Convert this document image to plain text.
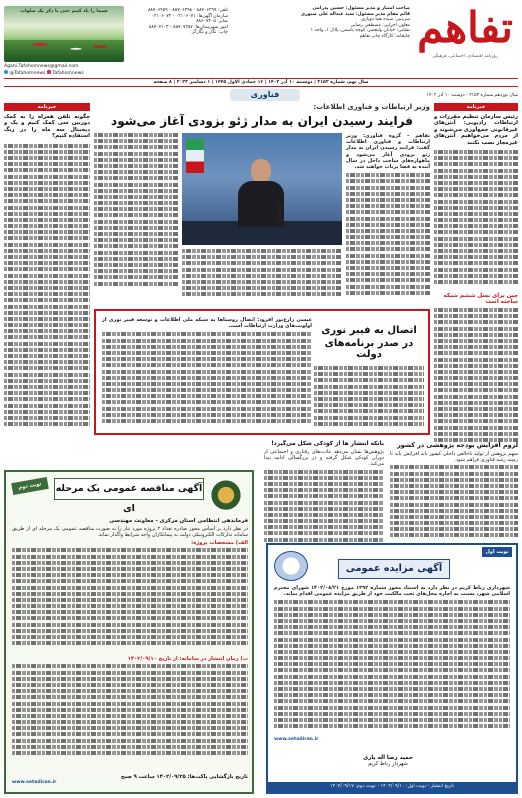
شیما را یاد کنیم حتی با ذکر یک صلوات
Agahi.Tafahomnews@gmail.com
@Tafahomnews Tafahomnews
تلفن: ۸۸۷۰۶۲۹۹ - ۸۸۷۰۶۲۹۸ - ۸۸۷۰۶۴۵۹
سازمان آگهی‌ها: ۰۲۱۰۶۰۷۱ - ۰۲۱۰۶۰۷۲
نمابر: ۸۸۶۰۷۴۰۵
امور شهرستان‌ها: ۸۸۷۰۷۲۵۷ - ۸۸۷۰۷۱۰۳
چاپ: نگار و نگارگر
صاحب امتیاز و مدیر مسئول: حسین پدرامی
قائم مقام مدیر مسئول: سید عبداله علی صبوری
سردبیر: سیده هما دوپاری
معاون اجرایی: مصطفی رضایی
نشانی: خیابان ولیعصر، کوچه یاسمن، پلاک ۱، واحد ۱
چاپخانه: کارگاه چاپ تفاهم تفاهم
روزنامه اقتصادی، اجتماعی، فرهنگی
سال نهم، شماره ۲۱۵۳ | دوشنبه ۱۰ آذر ۱۴۰۲ | ۱۶ جمادی الاول ۱۴۴۵ | ۱ دسامبر ۲۰۲۳ | ۸ صفحه
فناوری	سال نوزدهم شماره ۲۱۵۳ - دوشنبه ۱۰ آذر ۱۴۰۲
خبرنامه
رئیس سازمان تنظیم مقررات و ارتباطات رادیویی: آنتن‌های غیرقانونی جمع‌آوری می‌شوند و از مردم می‌خواهیم آنتن‌های غیرمجاز نصب نکنند
چین برای نسل ششم شبکه ساخته است
خبرنامه
چگونه تلفن همراه را به کمک دوربین سی کمک کنیم و یک و دیجیتال سه ماه را در رنگ استفاده کنیم؟
وزیر ارتباطات و فناوری اطلاعات:
فرایند رسیدن ایران به مدار ژئو بزودی آغاز می‌شود
تفاهم - گروه فناوری: وزیر ارتباطات و فناوری اطلاعات گفت: فرایند رسیدن ایران به مدار ژئو بزودی آغاز می‌شود و ماهواره‌های ساخت داخل در سال آینده به فضا پرتاب خواهند شد.
اتصال به فیبر نوری
در صدر برنامه‌های دولت
عیسی زارع‌پور افزود: اتصال روستاها به شبکه ملی اطلاعات و توسعه فیبر نوری از اولویت‌های وزارت ارتباطات است.
لزوم افزایش بودجه پژوهشی در کشور
سهم پژوهش از تولید ناخالص داخلی کشور باید افزایش یابد تا زمینه رشد فناوری فراهم شود.
بانکه انتشار ها از کودکی شکل می‌گیرد!
پژوهش‌ها نشان می‌دهد عادت‌های رفتاری و اجتماعی از دوران کودکی شکل گرفته و در بزرگسالی ادامه پیدا می‌کند.
نوبت اول
آگهی مزایده عمومی
شهرداری رباط کریم در نظر دارد به استناد مجوز شماره ۱۳۹۲ مورخ ۱۴۰۲/۰۸/۲۱ شورای محترم اسلامی شهر، نسبت به اجاره محل‌های تحت مالکیت خود از طریق مزایده عمومی اقدام نماید.
حمید رضا اله یاری
شهردار رباط کریم
تاریخ انتشار - نوبت اول: ۱۴۰۲/۰۹/۱۰ - نوبت دوم: ۱۴۰۲/۰۹/۱۷
www.setadiran.ir
آگهی مناقصه عمومی یک مرحله ای
نوبت دوم
فرماندهی انتظامی استان مرکزی - معاونت مهندسی
در نظر دارد بر اساس مجوز صادره تعداد ۲ پروژه مورد نیاز را به صورت مناقصه عمومی یک مرحله ای از طریق سامانه تدارکات الکترونیکی دولت به پیمانکاران واجد شرایط واگذار نماید.
الف) مشخصات پروژه:
ب) زمان انتشار در سامانه: از تاریخ ۱۴۰۲/۰۹/۱۰
تاریخ بازگشایی پاکت‌ها: ۱۴۰۲/۰۹/۲۵ ساعت ۹ صبح
www.setadiran.ir
